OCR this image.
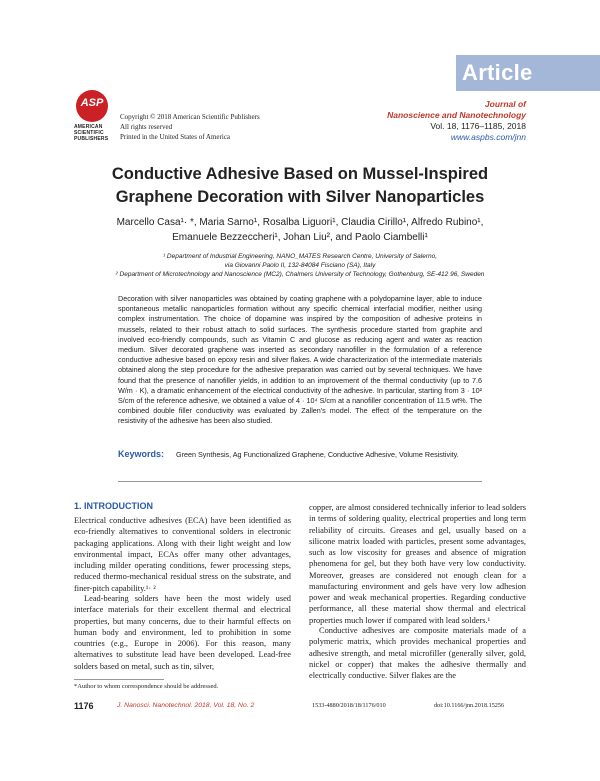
Article
ASP
AMERICAN
SCIENTIFIC
PUBLISHERS
Copyright © 2018 American Scientific Publishers
All rights reserved
Printed in the United States of America
Journal of
Nanoscience and Nanotechnology
Vol. 18, 1176–1185, 2018
www.aspbs.com/jnn
Conductive Adhesive Based on Mussel-Inspired
Graphene Decoration with Silver Nanoparticles
Marcello Casa¹· *, Maria Sarno¹, Rosalba Liguori¹, Claudia Cirillo¹, Alfredo Rubino¹,
Emanuele Bezzeccheri¹, Johan Liu², and Paolo Ciambelli¹
¹ Department of Industrial Engineering, NANO_MATES Research Centre, University of Salerno,
via Giovanni Paolo II, 132-84084 Fisciano (SA), Italy
² Department of Microtechnology and Nanoscience (MC2), Chalmers University of Technology, Gothenburg, SE-412 96, Sweden
Decoration with silver nanoparticles was obtained by coating graphene with a polydopamine layer, able to induce spontaneous metallic nanoparticles formation without any specific chemical interfacial modifier, neither using complex instrumentation. The choice of dopamine was inspired by the composition of adhesive proteins in mussels, related to their robust attach to solid surfaces. The synthesis procedure started from graphite and involved eco-friendly compounds, such as Vitamin C and glucose as reducing agent and water as reaction medium. Silver decorated graphene was inserted as secondary nanofiller in the formulation of a reference conductive adhesive based on epoxy resin and silver flakes. A wide characterization of the intermediate materials obtained along the step procedure for the adhesive preparation was carried out by several techniques. We have found that the presence of nanofiller yields, in addition to an improvement of the thermal conductivity (up to 7.6 W/m · K), a dramatic enhancement of the electrical conductivity of the adhesive. In particular, starting from 3 · 10² S/cm of the reference adhesive, we obtained a value of 4 · 10⁴ S/cm at a nanofiller concentration of 11.5 wt%. The combined double filler conductivity was evaluated by Zallen's model. The effect of the temperature on the resistivity of the adhesive has been also studied.
Keywords: Green Synthesis, Ag Functionalized Graphene, Conductive Adhesive, Volume Resistivity.
1. INTRODUCTION
Electrical conductive adhesives (ECA) have been identified as eco-friendly alternatives to conventional solders in electronic packaging applications. Along with their light weight and low environmental impact, ECAs offer many other advantages, including milder operating conditions, fewer processing steps, reduced thermo-mechanical residual stress on the substrate, and finer-pitch capability.¹· ²
Lead-bearing solders have been the most widely used interface materials for their excellent thermal and electrical properties, but many concerns, due to their harmful effects on human body and environment, led to prohibition in some countries (e.g., Europe in 2006). For this reason, many alternatives to substitute lead have been developed. Lead-free solders based on metal, such as tin, silver,
copper, are almost considered technically inferior to lead solders in terms of soldering quality, electrical properties and long term reliability of circuits. Greases and gel, usually based on a silicone matrix loaded with particles, present some advantages, such as low viscosity for greases and absence of migration phenomena for gel, but they both have very low conductivity. Moreover, greases are considered not enough clean for a manufacturing environment and gels have very low adhesion power and weak mechanical properties. Regarding conductive performance, all these material show thermal and electrical properties much lower if compared with lead solders.¹
Conductive adhesives are composite materials made of a polymeric matrix, which provides mechanical properties and adhesive strength, and metal microfiller (generally silver, gold, nickel or copper) that makes the adhesive thermally and electrically conductive. Silver flakes are the
*Author to whom correspondence should be addressed.
1176	J. Nanosci. Nanotechnol. 2018, Vol. 18, No. 2	1533-4880/2018/18/1176/010	doi:10.1166/jnn.2018.15256
